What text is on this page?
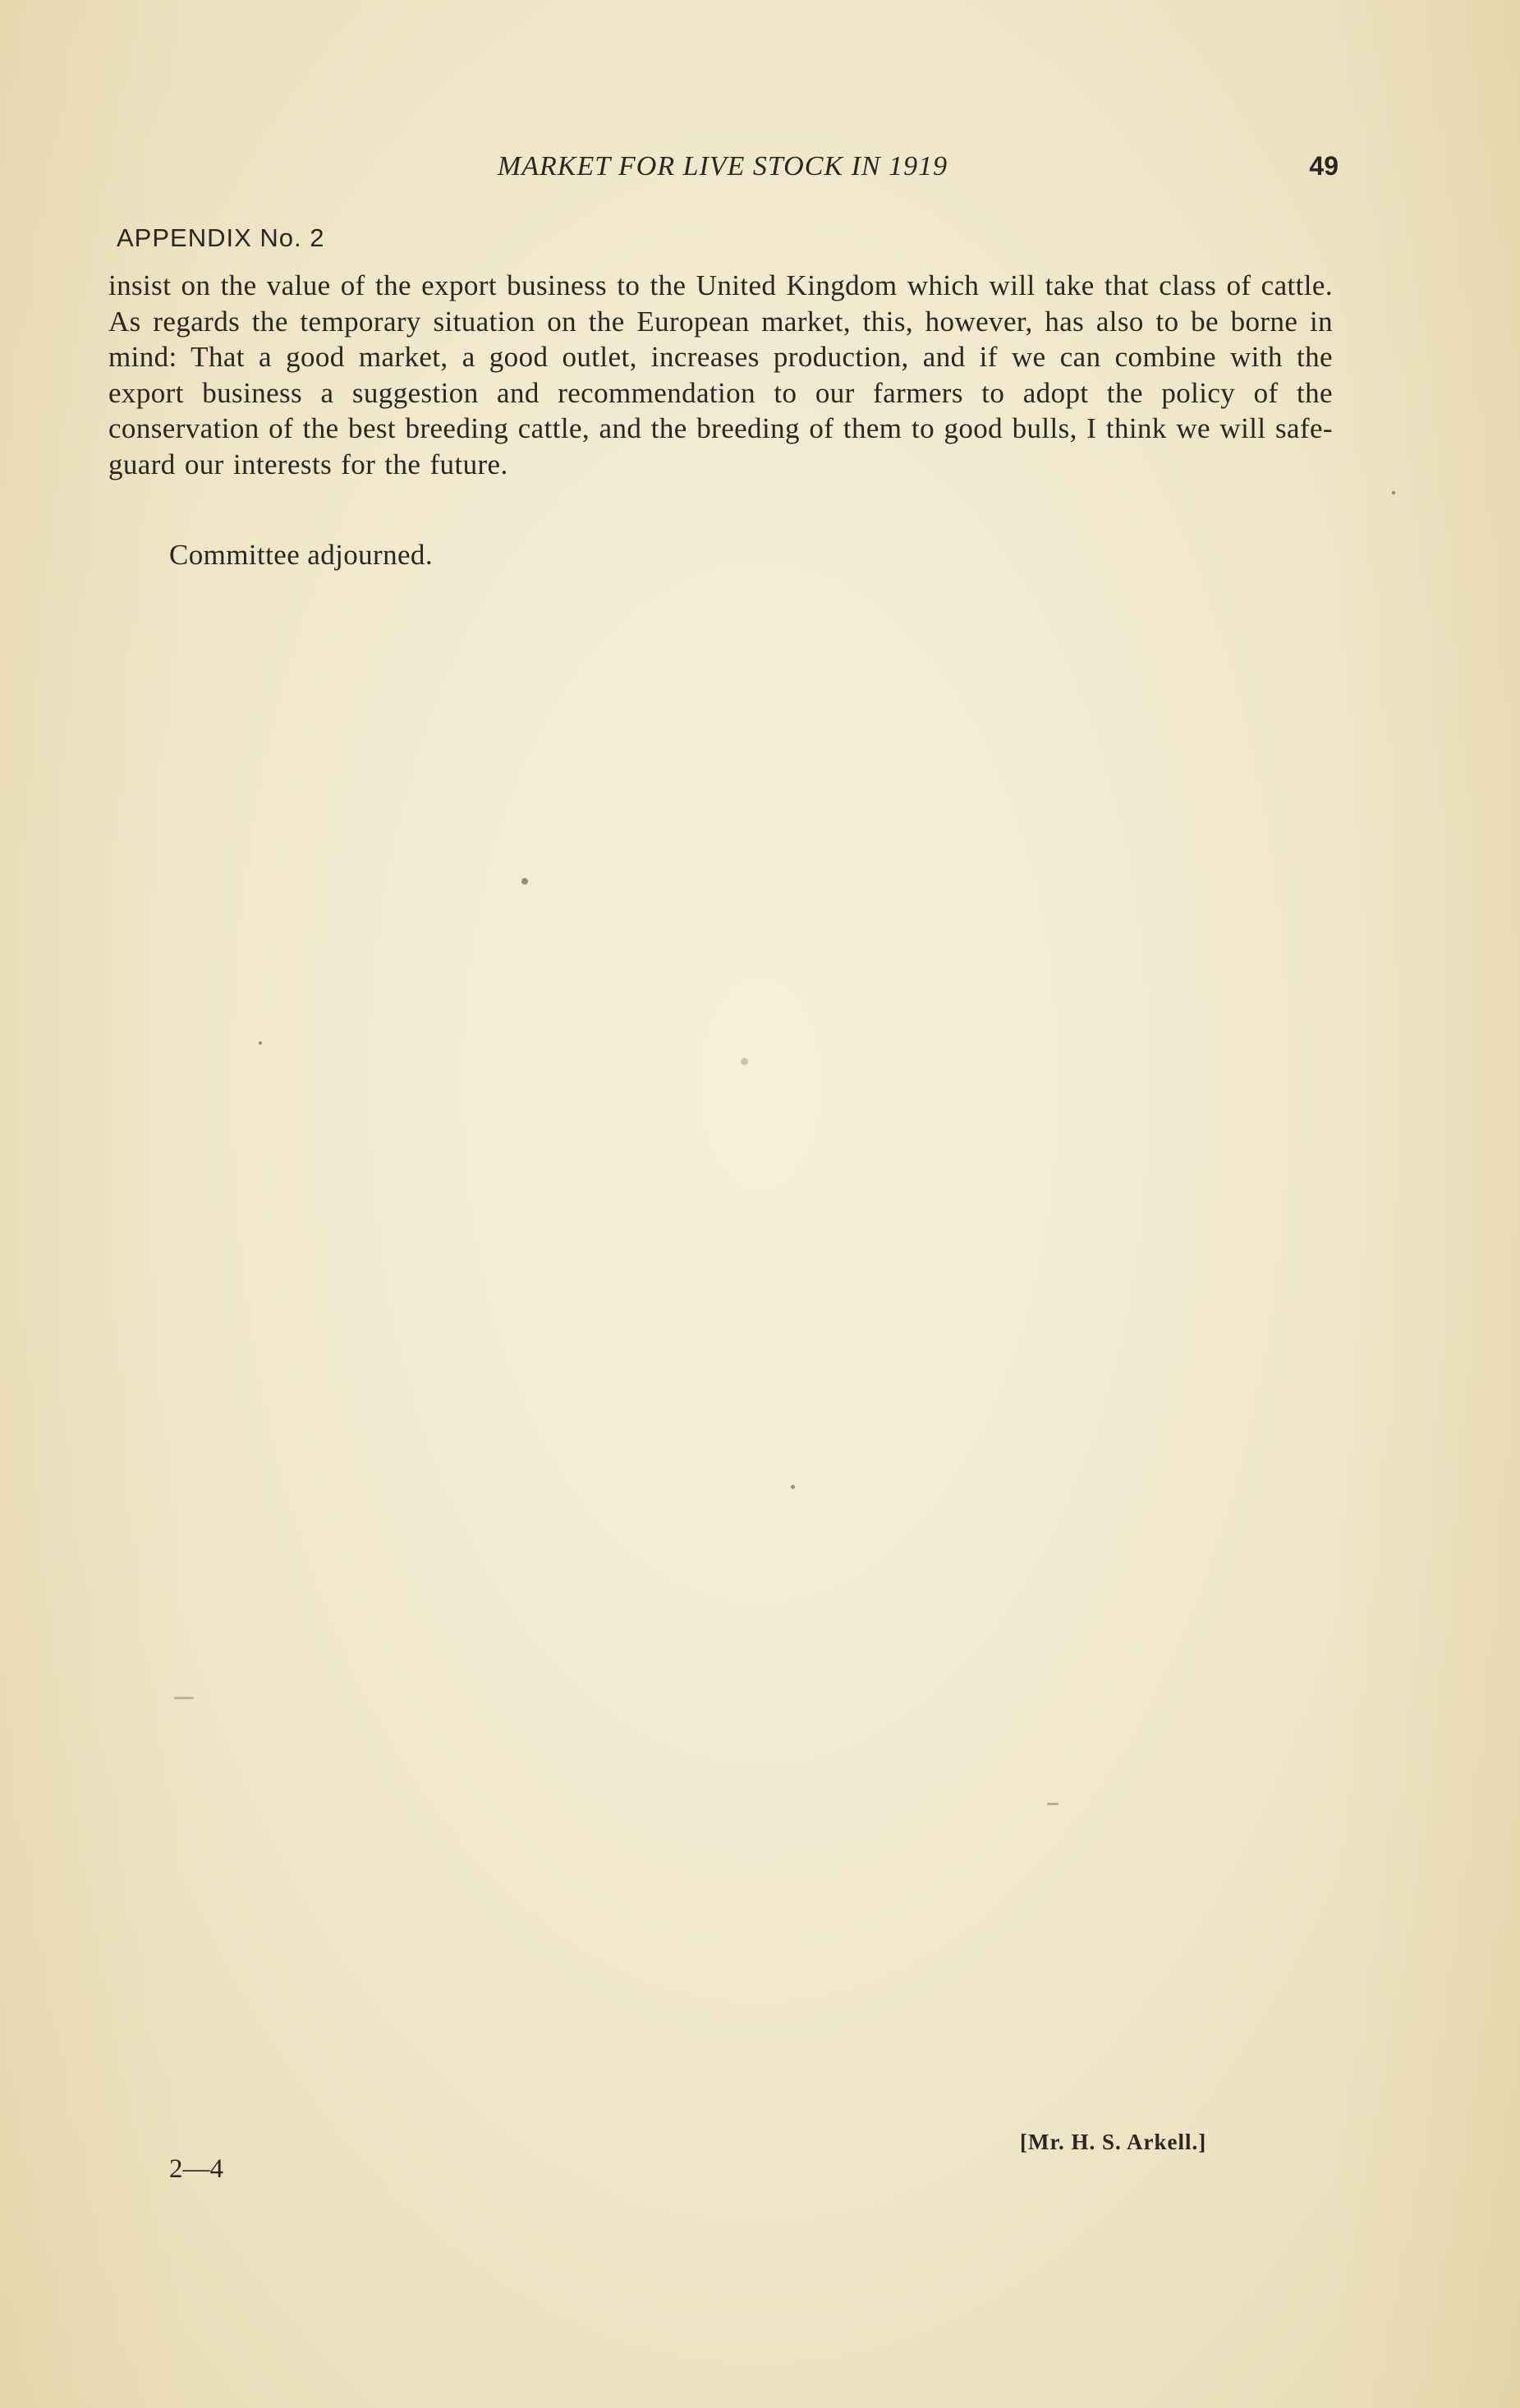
MARKET FOR LIVE STOCK IN 1919	49
APPENDIX No. 2

insist on the value of the export business to the United Kingdom which will take that class of cattle. As regards the temporary situation on the European market, this, however, has also to be borne in mind: That a good market, a good outlet, increases production, and if we can combine with the export business a suggestion and recommendation to our farmers to adopt the policy of the conservation of the best breeding cattle, and the breeding of them to good bulls, I think we will safe-guard our interests for the future.

Committee adjourned.
[Mr. H. S. Arkell.]
2—4
